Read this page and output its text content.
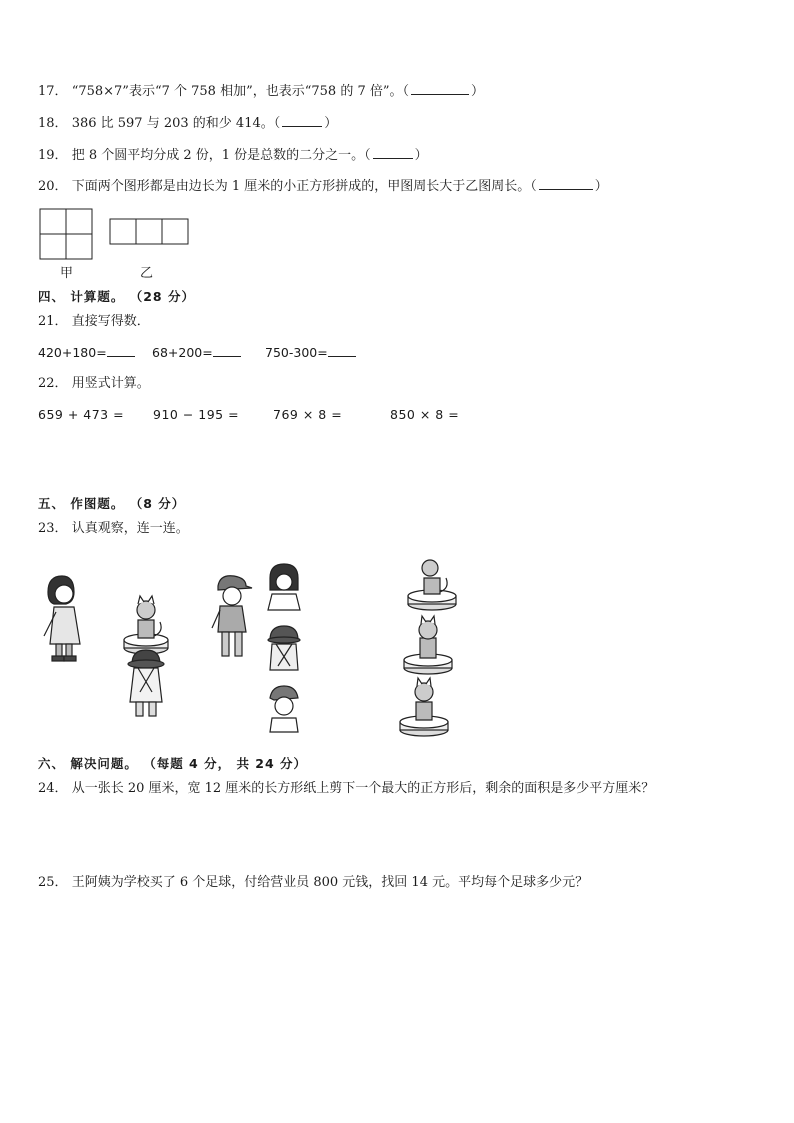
17． “758×7”表示“7 个 758 相加”，也表示“758 的 7 倍”。（	）
18． 386 比 597 与 203 的和少 414。（	）
19． 把 8 个圆平均分成 2 份，1 份是总数的二分之一。（	）
20． 下面两个图形都是由边长为 1 厘米的小正方形拼成的，甲图周长大于乙图周长。（	）
甲	乙
四、 计算题。 （28 分）
21． 直接写得数．
420+180=	68+200=	750-300=
22． 用竖式计算。
659 + 473 = 910 − 195 =	769 × 8 =	850 × 8 =
五、 作图题。 （8 分）
23． 认真观察，连一连。
六、 解决问题。 （每题 4 分， 共 24 分）
24． 从一张长 20 厘米，宽 12 厘米的长方形纸上剪下一个最大的正方形后，剩余的面积是多少平方厘米？
25． 王阿姨为学校买了 6 个足球，付给营业员 800 元钱，找回 14 元。平均每个足球多少元？
